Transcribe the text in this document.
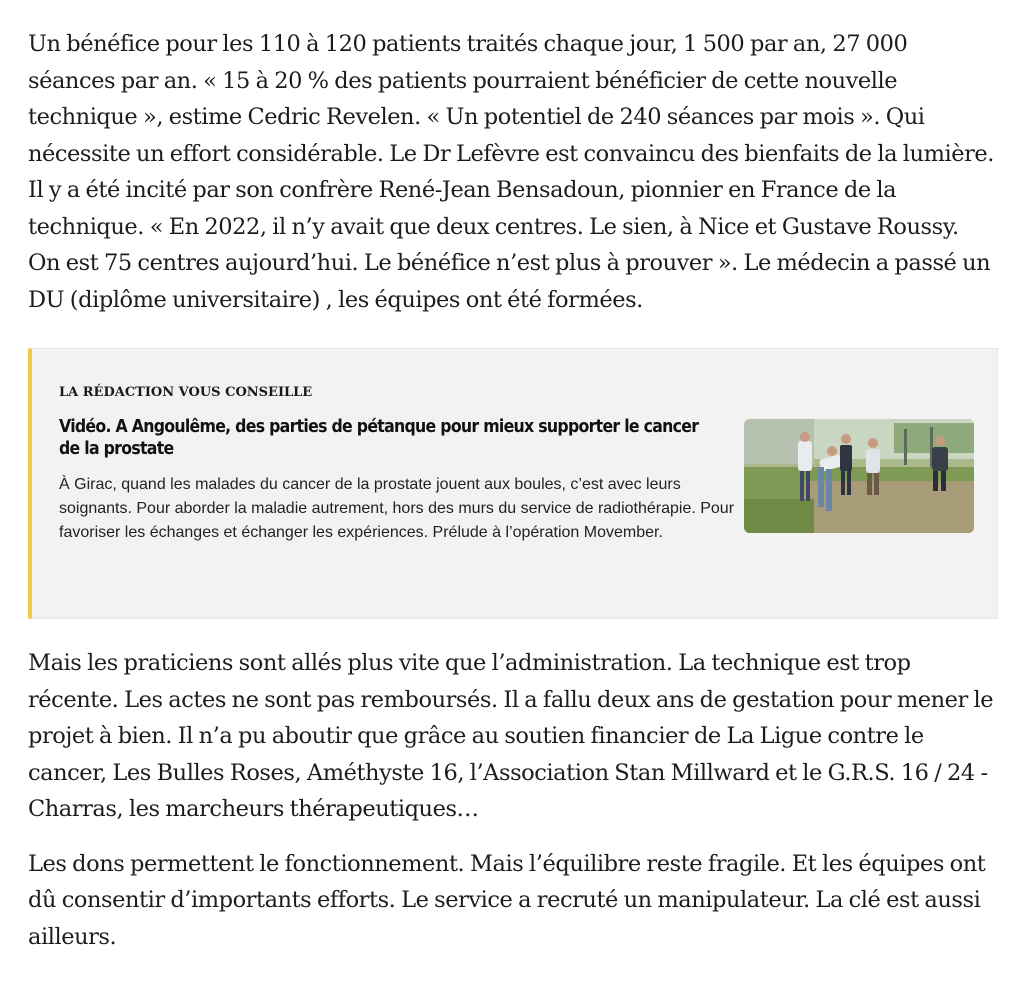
Un bénéfice pour les 110 à 120 patients traités chaque jour, 1 500 par an, 27 000 séances par an. « 15 à 20 % des patients pourraient bénéficier de cette nouvelle technique », estime Cedric Revelen. « Un potentiel de 240 séances par mois ». Qui nécessite un effort considérable. Le Dr Lefèvre est convaincu des bienfaits de la lumière. Il y a été incité par son confrère René-Jean Bensadoun, pionnier en France de la technique. « En 2022, il n’y avait que deux centres. Le sien, à Nice et Gustave Roussy. On est 75 centres aujourd’hui. Le bénéfice n’est plus à prouver ». Le médecin a passé un DU (diplôme universitaire) , les équipes ont été formées.

LA RÉDACTION VOUS CONSEILLE
Vidéo. A Angoulême, des parties de pétanque pour mieux supporter le cancer de la prostate

À Girac, quand les malades du cancer de la prostate jouent aux boules, c’est avec leurs soignants. Pour aborder la maladie autrement, hors des murs du service de radiothérapie. Pour favoriser les échanges et échanger les expériences. Prélude à l’opération Movember.

Mais les praticiens sont allés plus vite que l’administration. La technique est trop récente. Les actes ne sont pas remboursés. Il a fallu deux ans de gestation pour mener le projet à bien. Il n’a pu aboutir que grâce au soutien financier de La Ligue contre le cancer, Les Bulles Roses, Améthyste 16, l’Association Stan Millward et le G.R.S. 16 / 24 - Charras, les marcheurs thérapeutiques…

Les dons permettent le fonctionnement. Mais l’équilibre reste fragile. Et les équipes ont dû consentir d’importants efforts. Le service a recruté un manipulateur. La clé est aussi ailleurs.
